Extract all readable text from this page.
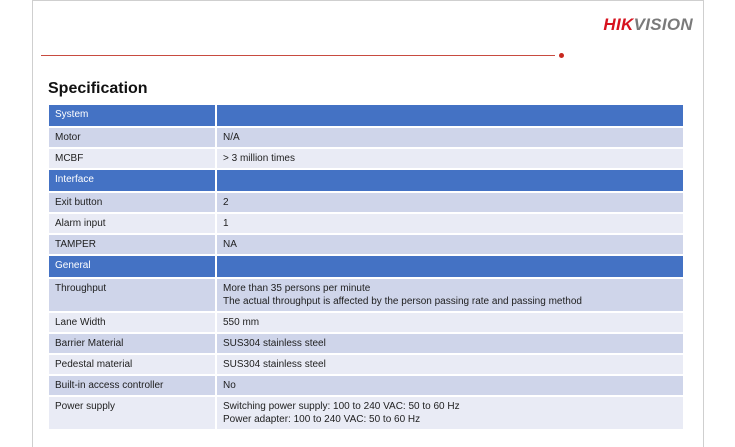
HIKVISION
Specification
System	
Motor	N/A

MCBF	> 3 million times

Interface	
Exit button	2

Alarm input	1

TAMPER	NA

General	
Throughput	More than 35 persons per minute
The actual throughput is affected by the person passing rate and passing method

Lane Width	550 mm

Barrier Material	SUS304 stainless steel

Pedestal material	SUS304 stainless steel

Built-in access controller	No

Power supply	Switching power supply: 100 to 240 VAC: 50 to 60 Hz
Power adapter: 100 to 240 VAC: 50 to 60 Hz
